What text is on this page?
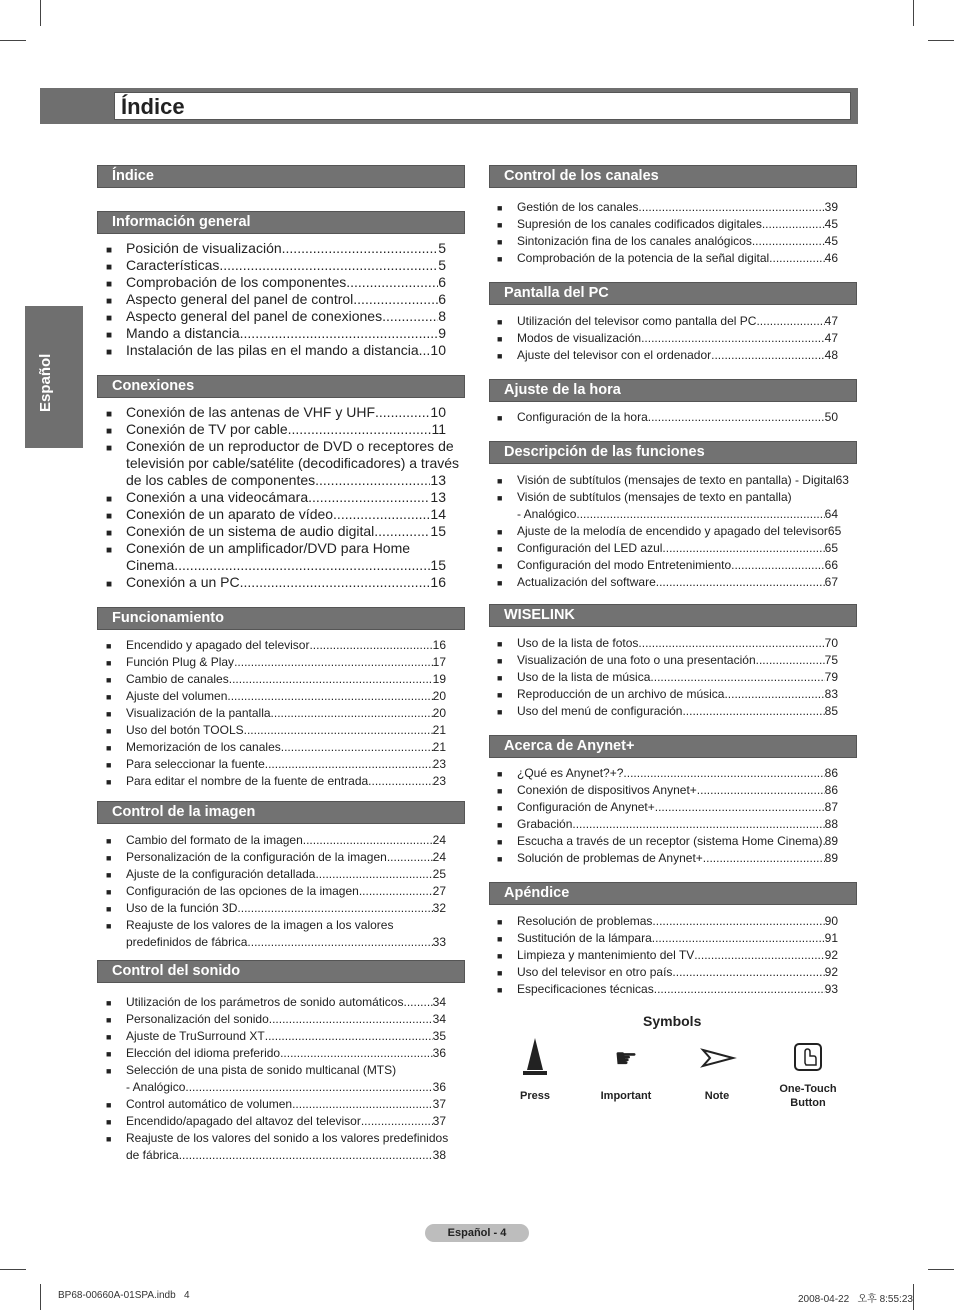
Índice
Español
Índice
Información general
■ Posición de visualización .....	5
■ Características .....	5
■ Comprobación de los componentes .....	6
■ Aspecto general del panel de control .....	6
■ Aspecto general del panel de conexiones .....	8
■ Mando a distancia .....	9
■ Instalación de las pilas en el mando a distancia ..... 10
Conexiones
■ Conexión de las antenas de VHF y UHF .....	10
■ Conexión de TV por cable .....	11
■ Conexión de un reproductor de DVD o receptores de
televisión por cable/satélite (decodificadores) a través
de los cables de componentes .....	13
■ Conexión a una videocámara .....	13
■ Conexión de un aparato de vídeo .....	14
■ Conexión de un sistema de audio digital .....	15
■ Conexión de un amplificador/DVD para Home
Cinema .....	15
■ Conexión a un PC .....	16
Funcionamiento
■ Encendido y apagado del televisor .....	16
■ Función Plug & Play .....	17
■ Cambio de canales .....	19
■ Ajuste del volumen .....	20
■ Visualización de la pantalla .....	20
■ Uso del botón TOOLS .....	21
■ Memorización de los canales .....	21
■ Para seleccionar la fuente .....	23
■ Para editar el nombre de la fuente de entrada .....	23
Control de la imagen
■ Cambio del formato de la imagen .....	24
■ Personalización de la configuración de la imagen .....	24
■ Ajuste de la configuración detallada .....	25
■ Configuración de las opciones de la imagen .....	27
■ Uso de la función 3D .....	32
■ Reajuste de los valores de la imagen a los valores
predefinidos de fábrica .....	33
Control del sonido
■ Utilización de los parámetros de sonido automáticos ..... 34
■ Personalización del sonido .....	34
■ Ajuste de TruSurround XT .....	35
■ Elección del idioma preferido .....	36
■ Selección de una pista de sonido multicanal (MTS)
- Analógico .....	36
■ Control automático de volumen .....	37
■ Encendido/apagado del altavoz del televisor .....	37
■ Reajuste de los valores del sonido a los valores predefinidos
de fábrica .....	38
Control de los canales
■ Gestión de los canales .....	39
■ Supresión de los canales codificados digitales .....	45
■ Sintonización fina de los canales analógicos .....	45
■ Comprobación de la potencia de la señal digital .....	46
Pantalla del PC
■ Utilización del televisor como pantalla del PC .....	47
■ Modos de visualización .....	47
■ Ajuste del televisor con el ordenador .....	48
Ajuste de la hora
■ Configuración de la hora .....	50
Descripción de las funciones
■ Visión de subtítulos (mensajes de texto en pantalla) - Digital 63
■ Visión de subtítulos (mensajes de texto en pantalla)
- Analógico .....	64
■ Ajuste de la melodía de encendido y apagado del televisor 65
■ Configuración del LED azul .....	65
■ Configuración del modo Entretenimiento .....	66
■ Actualización del software .....	67
WISELINK
■ Uso de la lista de fotos .....	70
■ Visualización de una foto o una presentación .....	75
■ Uso de la lista de música .....	79
■ Reproducción de un archivo de música .....	83
■ Uso del menú de configuración .....	85
Acerca de Anynet+
■ ¿Qué es Anynet?+? .....	86
■ Conexión de dispositivos Anynet+ .....	86
■ Configuración de Anynet+ .....	87
■ Grabación .....	88
■ Escucha a través de un receptor (sistema Home Cinema) ..... 89
■ Solución de problemas de Anynet+ .....	89
Apéndice
■ Resolución de problemas .....	90
■ Sustitución de la lámpara .....	91
■ Limpieza y mantenimiento del TV .....	92
■ Uso del televisor en otro país .....	92
■ Especificaciones técnicas .....	93
Symbols
☛
Press	Important	Note
One-Touch Button
Español - 4
BP68-00660A-01SPA.indb   4	2008-04-22   오후 8:55:23
